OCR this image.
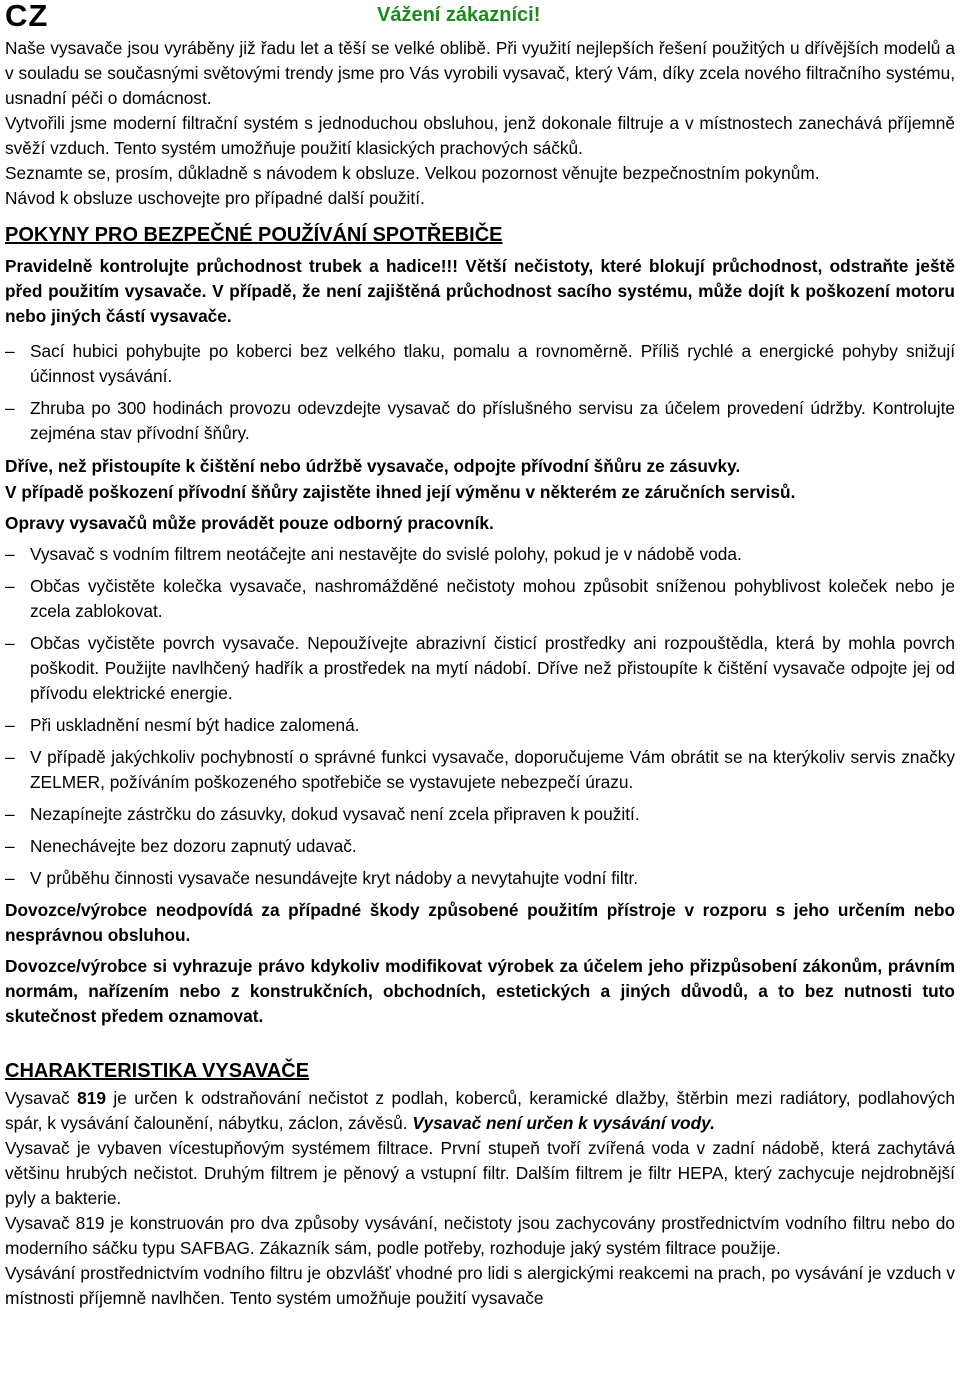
CZ	Vážení zákazníci!

Naše vysavače jsou vyráběny již řadu let a těší se velké oblibě. Při využití nejlepších řešení použitých u dřívějších modelů a v souladu se současnými světovými trendy jsme pro Vás vyrobili vysavač, který Vám, díky zcela nového filtračního systému, usnadní péči o domácnost.

Vytvořili jsme moderní filtrační systém s jednoduchou obsluhou, jenž dokonale filtruje a v místnostech zanechává příjemně svěží vzduch. Tento systém umožňuje použití klasických prachových sáčků.

Seznamte se, prosím, důkladně s návodem k obsluze. Velkou pozornost věnujte bezpečnostním pokynům.

Návod k obsluze uschovejte pro případné další použití.

POKYNY PRO BEZPEČNÉ POUŽÍVÁNÍ SPOTŘEBIČE

Pravidelně kontrolujte průchodnost trubek a hadice!!! Větší nečistoty, které blokují průchodnost, odstraňte ještě před použitím vysavače. V případě, že není zajištěná průchodnost sacího systému, může dojít k poškození motoru nebo jiných částí vysavače.

– Sací hubici pohybujte po koberci bez velkého tlaku, pomalu a rovnoměrně. Příliš rychlé a energické pohyby snižují účinnost vysávání.

– Zhruba po 300 hodinách provozu odevzdejte vysavač do příslušného servisu za účelem provedení údržby. Kontrolujte zejména stav přívodní šňůry.

Dříve, než přistoupíte k čištění nebo údržbě vysavače, odpojte přívodní šňůru ze zásuvky.

V případě poškození přívodní šňůry zajistěte ihned její výměnu v některém ze záručních servisů.

Opravy vysavačů může provádět pouze odborný pracovník.

– Vysavač s vodním filtrem neotáčejte ani nestavějte do svislé polohy, pokud je v nádobě voda.

– Občas vyčistěte kolečka vysavače, nashromážděné nečistoty mohou způsobit sníženou pohyblivost koleček nebo je zcela zablokovat.

– Občas vyčistěte povrch vysavače. Nepoužívejte abrazivní čisticí prostředky ani rozpouštědla, která by mohla povrch poškodit. Použijte navlhčený hadřík a prostředek na mytí nádobí. Dříve než přistoupíte k čištění vysavače odpojte jej od přívodu elektrické energie.

– Při uskladnění nesmí být hadice zalomená.

– V případě jakýchkoliv pochybností o správné funkci vysavače, doporučujeme Vám obrátit se na kterýkoliv servis značky ZELMER, požíváním poškozeného spotřebiče se vystavujete nebezpečí úrazu.

– Nezapínejte zástrčku do zásuvky, dokud vysavač není zcela připraven k použití.

– Nenechávejte bez dozoru zapnutý udavač.

– V průběhu činnosti vysavače nesundávejte kryt nádoby a nevytahujte vodní filtr.

Dovozce/výrobce neodpovídá za případné škody způsobené použitím přístroje v rozporu s jeho určením nebo nesprávnou obsluhou.

Dovozce/výrobce si vyhrazuje právo kdykoliv modifikovat výrobek za účelem jeho přizpůsobení zákonům, právním normám, nařízením nebo z konstrukčních, obchodních, estetických a jiných důvodů, a to bez nutnosti tuto skutečnost předem oznamovat.

CHARAKTERISTIKA VYSAVAČE

Vysavač 819 je určen k odstraňování nečistot z podlah, koberců, keramické dlažby, štěrbin mezi radiátory, podlahových spár, k vysávání čalounění, nábytku, záclon, závěsů. Vysavač není určen k vysávání vody.

Vysavač je vybaven vícestupňovým systémem filtrace. První stupeň tvoří zvířená voda v zadní nádobě, která zachytává většinu hrubých nečistot. Druhým filtrem je pěnový a vstupní filtr. Dalším filtrem je filtr HEPA, který zachycuje nejdrobnější pyly a bakterie.

Vysavač 819 je konstruován pro dva způsoby vysávání, nečistoty jsou zachycovány prostřednictvím vodního filtru nebo do moderního sáčku typu SAFBAG. Zákazník sám, podle potřeby, rozhoduje jaký systém filtrace použije.

Vysávání prostřednictvím vodního filtru je obzvlášť vhodné pro lidi s alergickými reakcemi na prach, po vysávání je vzduch v místnosti příjemně navlhčen. Tento systém umožňuje použití vysavače
